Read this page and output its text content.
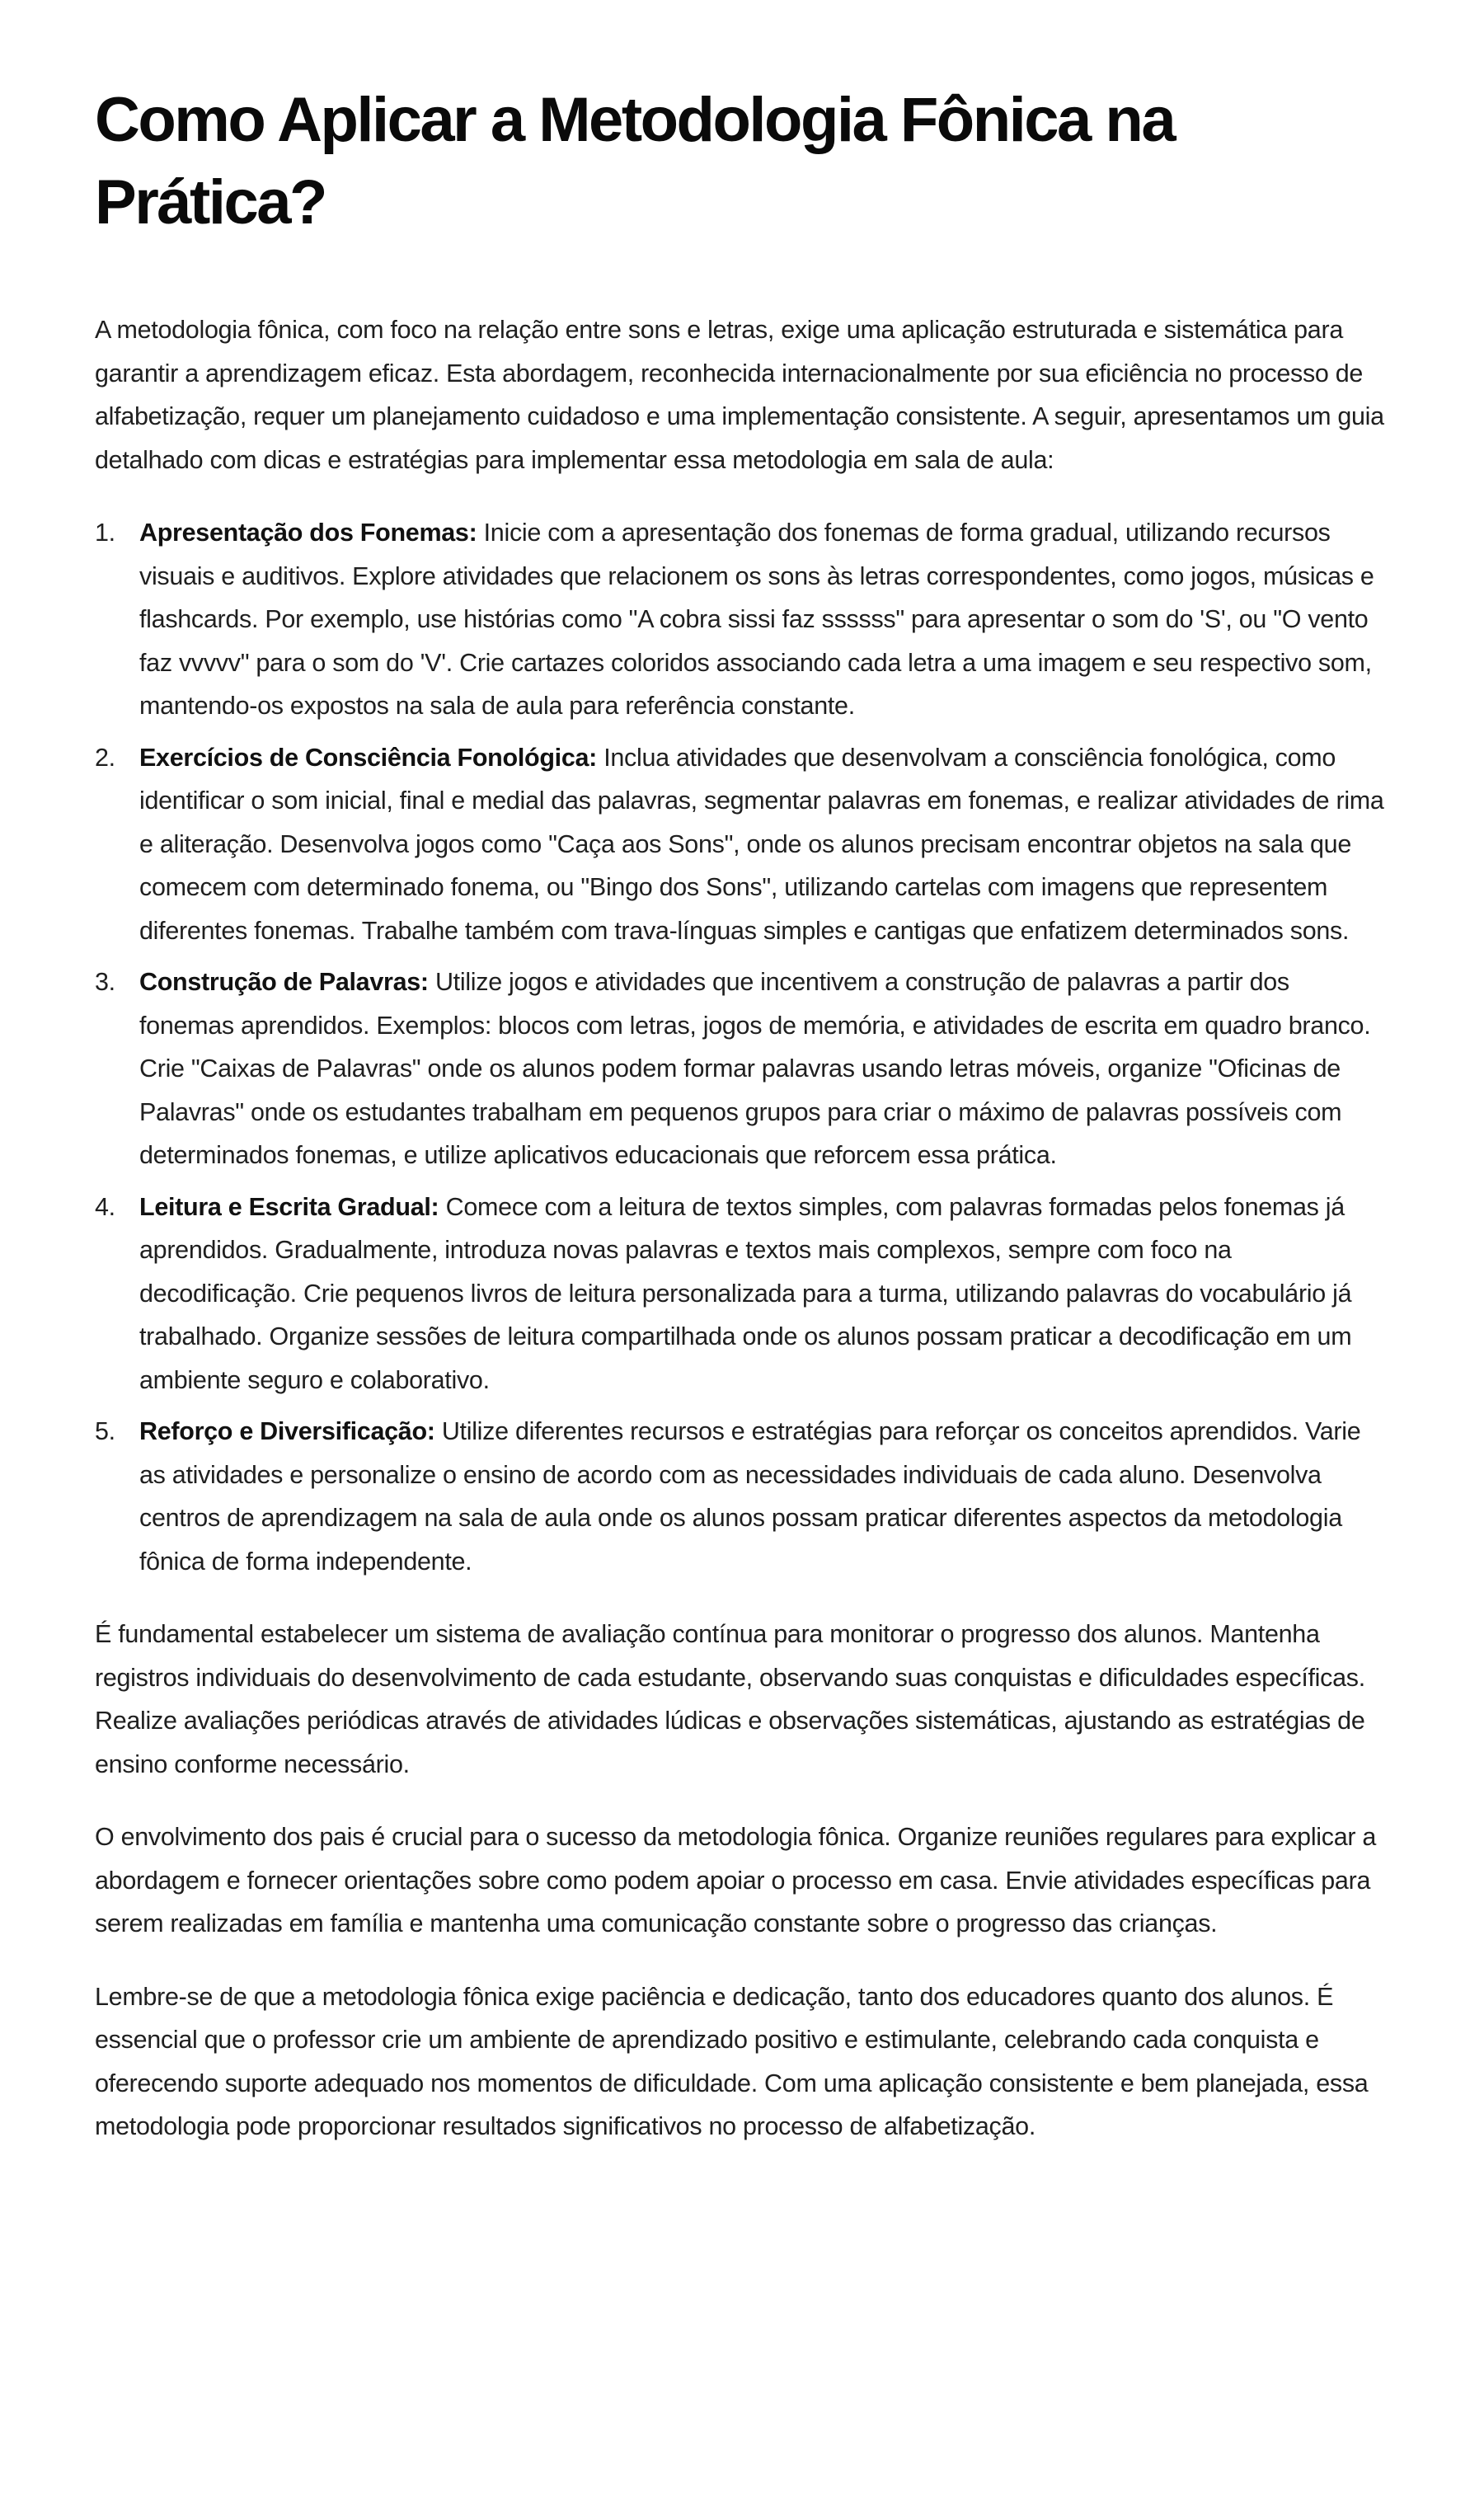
Como Aplicar a Metodologia Fônica na Prática?

A metodologia fônica, com foco na relação entre sons e letras, exige uma aplicação estruturada e sistemática para garantir a aprendizagem eficaz. Esta abordagem, reconhecida internacionalmente por sua eficiência no processo de alfabetização, requer um planejamento cuidadoso e uma implementação consistente. A seguir, apresentamos um guia detalhado com dicas e estratégias para implementar essa metodologia em sala de aula:

1. Apresentação dos Fonemas: Inicie com a apresentação dos fonemas de forma gradual, utilizando recursos visuais e auditivos. Explore atividades que relacionem os sons às letras correspondentes, como jogos, músicas e flashcards. Por exemplo, use histórias como "A cobra sissi faz ssssss" para apresentar o som do 'S', ou "O vento faz vvvvv" para o som do 'V'. Crie cartazes coloridos associando cada letra a uma imagem e seu respectivo som, mantendo-os expostos na sala de aula para referência constante.
2. Exercícios de Consciência Fonológica: Inclua atividades que desenvolvam a consciência fonológica, como identificar o som inicial, final e medial das palavras, segmentar palavras em fonemas, e realizar atividades de rima e aliteração. Desenvolva jogos como "Caça aos Sons", onde os alunos precisam encontrar objetos na sala que comecem com determinado fonema, ou "Bingo dos Sons", utilizando cartelas com imagens que representem diferentes fonemas. Trabalhe também com trava-línguas simples e cantigas que enfatizem determinados sons.
3. Construção de Palavras: Utilize jogos e atividades que incentivem a construção de palavras a partir dos fonemas aprendidos. Exemplos: blocos com letras, jogos de memória, e atividades de escrita em quadro branco. Crie "Caixas de Palavras" onde os alunos podem formar palavras usando letras móveis, organize "Oficinas de Palavras" onde os estudantes trabalham em pequenos grupos para criar o máximo de palavras possíveis com determinados fonemas, e utilize aplicativos educacionais que reforcem essa prática.
4. Leitura e Escrita Gradual: Comece com a leitura de textos simples, com palavras formadas pelos fonemas já aprendidos. Gradualmente, introduza novas palavras e textos mais complexos, sempre com foco na decodificação. Crie pequenos livros de leitura personalizada para a turma, utilizando palavras do vocabulário já trabalhado. Organize sessões de leitura compartilhada onde os alunos possam praticar a decodificação em um ambiente seguro e colaborativo.
5. Reforço e Diversificação: Utilize diferentes recursos e estratégias para reforçar os conceitos aprendidos. Varie as atividades e personalize o ensino de acordo com as necessidades individuais de cada aluno. Desenvolva centros de aprendizagem na sala de aula onde os alunos possam praticar diferentes aspectos da metodologia fônica de forma independente.

É fundamental estabelecer um sistema de avaliação contínua para monitorar o progresso dos alunos. Mantenha registros individuais do desenvolvimento de cada estudante, observando suas conquistas e dificuldades específicas. Realize avaliações periódicas através de atividades lúdicas e observações sistemáticas, ajustando as estratégias de ensino conforme necessário.

O envolvimento dos pais é crucial para o sucesso da metodologia fônica. Organize reuniões regulares para explicar a abordagem e fornecer orientações sobre como podem apoiar o processo em casa. Envie atividades específicas para serem realizadas em família e mantenha uma comunicação constante sobre o progresso das crianças.

Lembre-se de que a metodologia fônica exige paciência e dedicação, tanto dos educadores quanto dos alunos. É essencial que o professor crie um ambiente de aprendizado positivo e estimulante, celebrando cada conquista e oferecendo suporte adequado nos momentos de dificuldade. Com uma aplicação consistente e bem planejada, essa metodologia pode proporcionar resultados significativos no processo de alfabetização.
